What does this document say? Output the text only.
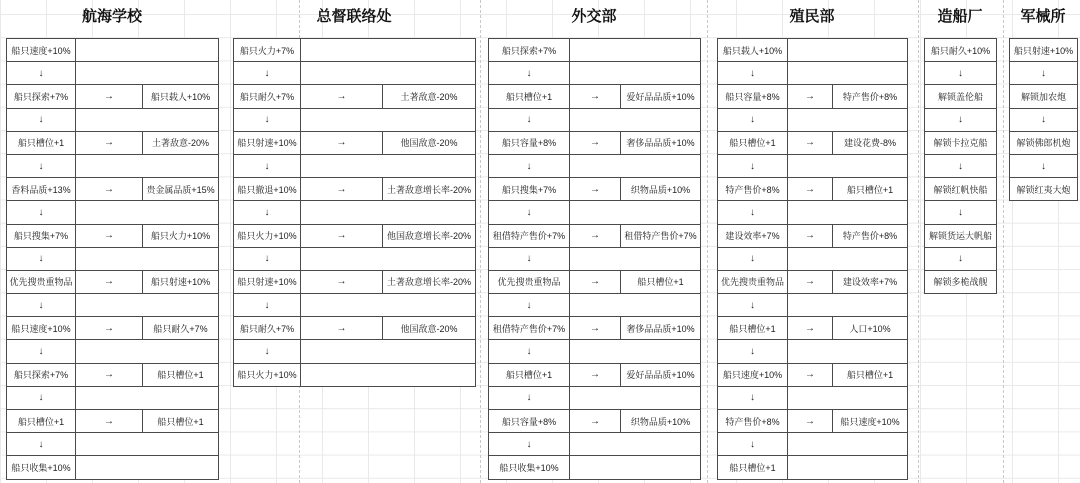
航海学校	总督联络处	外交部	殖民部	造船厂	军械所
船只速度+10%		
↓		
船只探索+7%	→	船只载人+10%
↓		
船只槽位+1	→	土著敌意-20%
↓		
香料品质+13%	→	贵金属品质+15%
↓		
船只搜集+7%	→	船只火力+10%
↓		
优先搜贵重物品	→	船只射速+10%
↓		
船只速度+10%	→	船只耐久+7%
↓		
船只探索+7%	→	船只槽位+1
↓		
船只槽位+1	→	船只槽位+1
↓		
船只收集+10%		
船只火力+7%		
↓		
船只耐久+7%	→	土著敌意-20%
↓		
船只射速+10%	→	他国敌意-20%
↓		
船只撤退+10%	→	土著敌意增长率-20%
↓		
船只火力+10%	→	他国敌意增长率-20%
↓		
船只射速+10%	→	土著敌意增长率-20%
↓		
船只耐久+7%	→	他国敌意-20%
↓		
船只火力+10%		
船只探索+7%		
↓		
船只槽位+1	→	爱好品品质+10%
↓		
船只容量+8%	→	奢侈品品质+10%
↓		
船只搜集+7%	→	织物品质+10%
↓		
租借特产售价+7%	→	租借特产售价+7%
↓		
优先搜贵重物品	→	船只槽位+1
↓		
租借特产售价+7%	→	奢侈品品质+10%
↓		
船只槽位+1	→	爱好品品质+10%
↓		
船只容量+8%	→	织物品质+10%
↓		
船只收集+10%		
船只载人+10%		
↓		
船只容量+8%	→	特产售价+8%
↓		
船只槽位+1	→	建设花费-8%
↓		
特产售价+8%	→	船只槽位+1
↓		
建设效率+7%	→	特产售价+8%
↓		
优先搜贵重物品	→	建设效率+7%
↓		
船只槽位+1	→	人口+10%
↓		
船只速度+10%	→	船只槽位+1
↓		
特产售价+8%	→	船只速度+10%
↓		
船只槽位+1		
船只耐久+10%
↓
解锁盖伦船
↓
解锁卡拉克船
↓
解锁红帆快船
↓
解锁货运大帆船
↓
解锁多桅战舰
船只射速+10%
↓
解锁加农炮
↓
解锁佛郎机炮
↓
解锁红夷大炮
